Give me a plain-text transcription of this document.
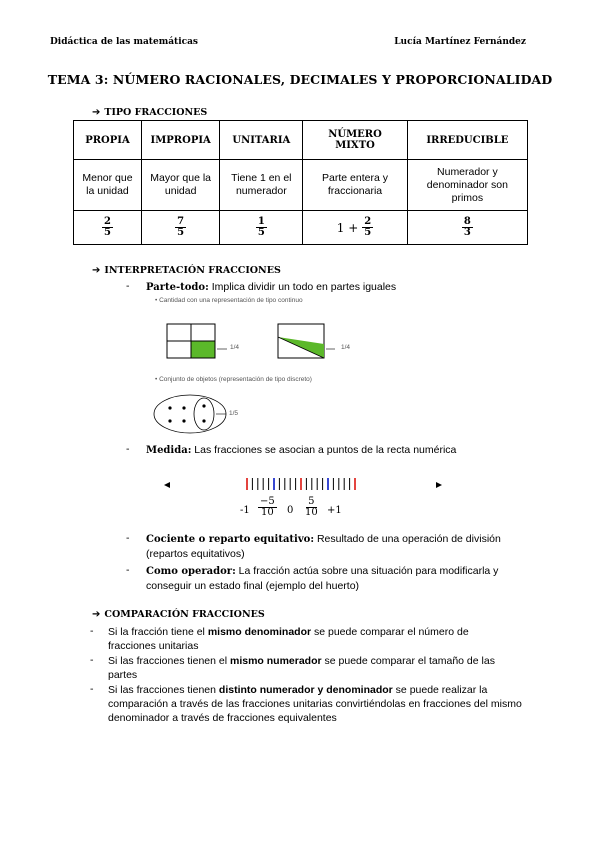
Didáctica de las matemáticas	Lucía Martínez Fernández
TEMA 3: NÚMERO RACIONALES, DECIMALES Y PROPORCIONALIDAD
➔ TIPO FRACCIONES
PROPIA	IMPROPIA	UNITARIA	NÚMERO MIXTO	IRREDUCIBLE
Menor que la unidad	Mayor que la unidad	Tiene 1 en el numerador	Parte entera y fraccionaria	Numerador y denominador son primos

$\frac{2}{5}$	$\frac{7}{5}$	$\frac{1}{5}$	$1 + \frac{2}{5}$	$\frac{8}{3}$
➔ INTERPRETACIÓN FRACCIONES
- Parte-todo: Implica dividir un todo en partes iguales
• Cantidad con una representación de tipo continuo
1/4	1/4
• Conjunto de objetos (representación de tipo discreto)
1/5
- Medida: Las fracciones se asocian a puntos de la recta numérica
$-1 \frac{-5}{10} 0 \frac{5}{10} +1$
- Cociente o reparto equitativo: Resultado de una operación de división (repartos equitativos)
- Como operador: La fracción actúa sobre una situación para modificarla y conseguir un estado final (ejemplo del huerto)
➔ COMPARACIÓN FRACCIONES
- Si la fracción tiene el mismo denominador se puede comparar el número de fracciones unitarias
- Si las fracciones tienen el mismo numerador se puede comparar el tamaño de las partes
- Si las fracciones tienen distinto numerador y denominador se puede realizar la comparación a través de las fracciones unitarias convirtiéndolas en fracciones del mismo denominador a través de fracciones equivalentes
